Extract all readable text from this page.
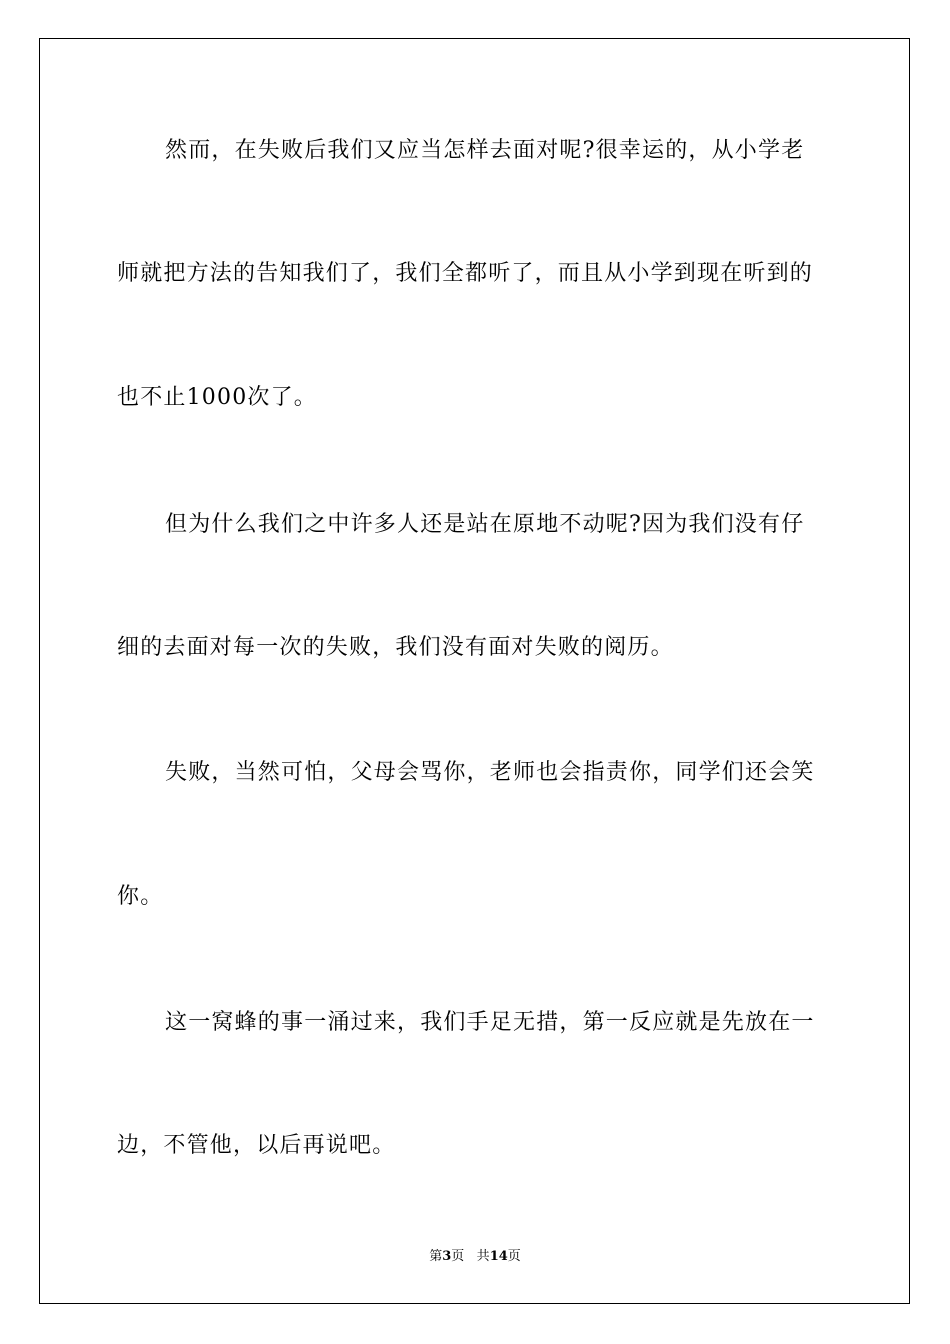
然而，在失败后我们又应当怎样去面对呢?很幸运的，从小学老
师就把方法的告知我们了，我们全都听了，而且从小学到现在听到的
也不止1000次了。
但为什么我们之中许多人还是站在原地不动呢?因为我们没有仔
细的去面对每一次的失败，我们没有面对失败的阅历。
失败，当然可怕，父母会骂你，老师也会指责你，同学们还会笑
你。
这一窝蜂的事一涌过来，我们手足无措，第一反应就是先放在一
边，不管他，以后再说吧。
第3页 共14页
